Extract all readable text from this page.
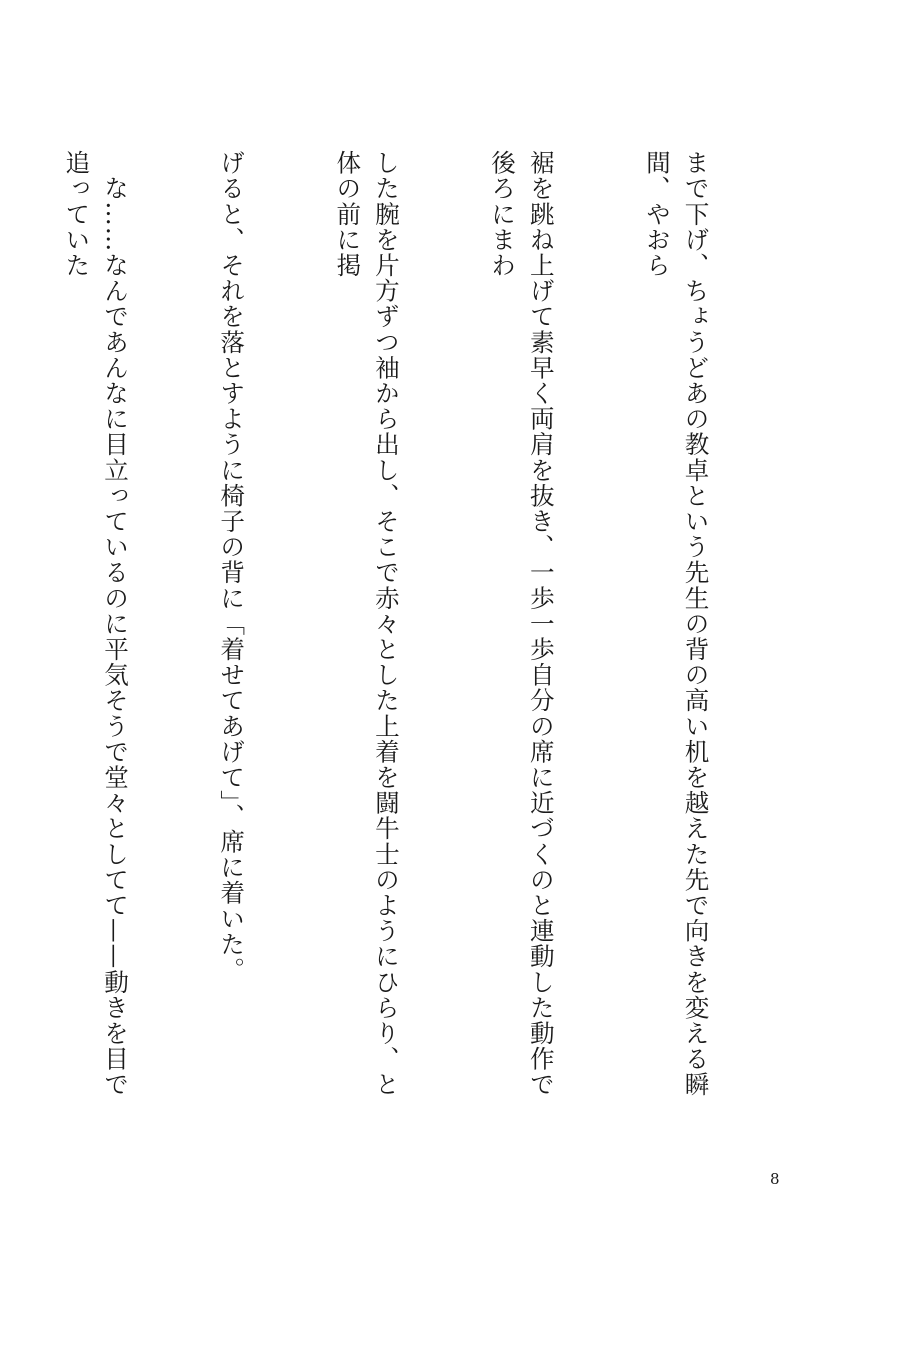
まで下げ、ちょうどあの教卓という先生の背の高い机を越えた先で向きを変える瞬間、やおら

裾を跳ね上げて素早く両肩を抜き、一歩一歩自分の席に近づくのと連動した動作で後ろにまわ

した腕を片方ずつ袖から出し、そこで赤々とした上着を闘牛士のようにひらり、と体の前に掲

げると、それを落とすように椅子の背に「着せてあげて」、席に着いた。

　な……なんであんなに目立っているのに平気そうで堂々としてて——動きを目で追っていた

8
